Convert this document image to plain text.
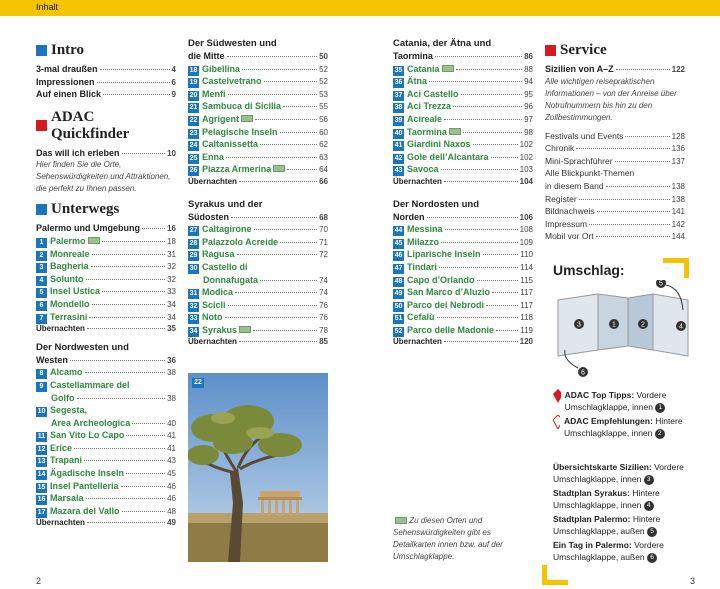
Inhalt
Intro
3-mal draußen	4
Impressionen	6
Auf einen Blick	9
ADAC Quickfinder
Das will ich erleben	10
Hier finden Sie die Orte, Sehenswürdigkeiten und Attraktionen, die perfekt zu Ihnen passen.
Unterwegs
Palermo und Umgebung	16
1 Palermo	18
2 Monreale	31
3 Bagheria	32
4 Solunto	32
5 Insel Ustica	33
6 Mondello	34
7 Terrasini	34
Übernachten	35
Der Nordwesten und
Westen	36
8 Alcamo	38
9 Castellammare del
Golfo	38
10 Segesta,
Area Archeologica	40
11 San Vito Lo Capo	41
12 Erice	41
13 Trapani	43
14 Ägadische Inseln	45
15 Insel Pantelleria	46
16 Marsala	46
17 Mazara del Vallo	48
Übernachten	49
Der Südwesten und
die Mitte	50
18 Gibellina	52
19 Castelvetrano	52
20 Menfi	53
21 Sambuca di Sicilia	55
22 Agrigent	56
23 Pelagische Inseln	60
24 Caltanissetta	62
25 Enna	63
26 Piazza Armerina	64
Übernachten	66
Syrakus und der
Südosten	68
27 Caltagirone	70
28 Palazzolo Acreide	71
29 Ragusa	72
30 Castello di
Donnafugata	74
31 Modica	74
32 Scicli	76
33 Noto	76
34 Syrakus	78
Übernachten	85
22
Catania, der Ätna und
Taormina	86
35 Catania	88
36 Ätna	94
37 Aci Castello	95
38 Aci Trezza	96
39 Acireale	97
40 Taormina	98
41 Giardini Naxos	102
42 Gole dell’Alcantara	102
43 Savoca	103
Übernachten	104
Der Nordosten und
Norden	106
44 Messina	108
45 Milazzo	109
46 Liparische Inseln	110
47 Tindari	114
48 Capo d’Orlando	115
49 San Marco d’Aluzio	117
50 Parco dei Nebrodi	117
51 Cefalù	118
52 Parco delle Madonie	119
Übernachten	120
Zu diesen Orten und Sehenswürdigkeiten gibt es Detailkarten innen bzw. auf der Umschlagklappe.
Service
Sizilien von A–Z	122
Alle wichtigen reisepraktischen Informationen – von der Anreise über Notrufnummern bis hin zu den Zollbestimmungen.
Festivals und Events	128
Chronik	136
Mini-Sprachführer	137
Alle Blickpunkt-Themen
in diesem Band	138
Register	138
Bildnachweis	141
Impressum	142
Mobil vor Ort	144
Umschlag:
3	1	2	4
5
6
ADAC Top Tipps: Vordere Umschlagklappe, innen 1
ADAC Empfehlungen: Hintere Umschlagklappe, innen 2
Übersichtskarte Sizilien: Vordere Umschlagklappe, innen 3
Stadtplan Syrakus: Hintere Umschlagklappe, innen 4
Stadtplan Palermo: Hintere Umschlagklappe, außen 5
Ein Tag in Palermo: Vordere Umschlagklappe, außen 6
2	3
